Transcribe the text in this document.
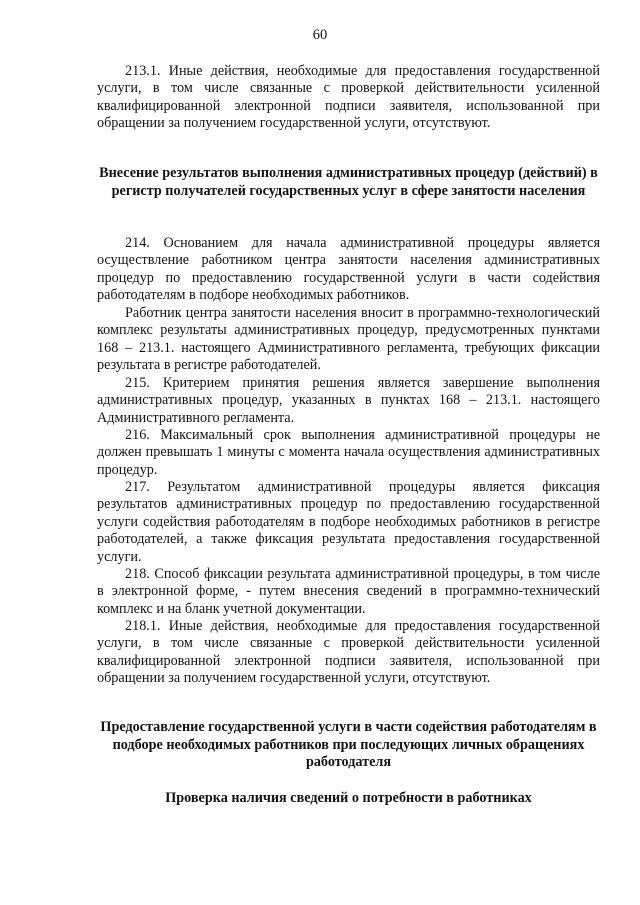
60

213.1. Иные действия, необходимые для предоставления государственной услуги, в том числе связанные с проверкой действительности усиленной квалифицированной электронной подписи заявителя, использованной при обращении за получением государственной услуги, отсутствуют.

Внесение результатов выполнения административных процедур (действий) в регистр получателей государственных услуг в сфере занятости населения

214. Основанием для начала административной процедуры является осуществление работником центра занятости населения административных процедур по предоставлению государственной услуги в части содействия работодателям в подборе необходимых работников.

Работник центра занятости населения вносит в программно-технологический комплекс результаты административных процедур, предусмотренных пунктами 168 – 213.1. настоящего Административного регламента, требующих фиксации результата в регистре работодателей.

215. Критерием принятия решения является завершение выполнения административных процедур, указанных в пунктах 168 – 213.1. настоящего Административного регламента.

216. Максимальный срок выполнения административной процедуры не должен превышать 1 минуты с момента начала осуществления административных процедур.

217. Результатом административной процедуры является фиксация результатов административных процедур по предоставлению государственной услуги содействия работодателям в подборе необходимых работников в регистре работодателей, а также фиксация результата предоставления государственной услуги.

218. Способ фиксации результата административной процедуры, в том числе в электронной форме, - путем внесения сведений в программно-технический комплекс и на бланк учетной документации.

218.1. Иные действия, необходимые для предоставления государственной услуги, в том числе связанные с проверкой действительности усиленной квалифицированной электронной подписи заявителя, использованной при обращении за получением государственной услуги, отсутствуют.

Предоставление государственной услуги в части содействия работодателям в подборе необходимых работников при последующих личных обращениях работодателя

Проверка наличия сведений о потребности в работниках
